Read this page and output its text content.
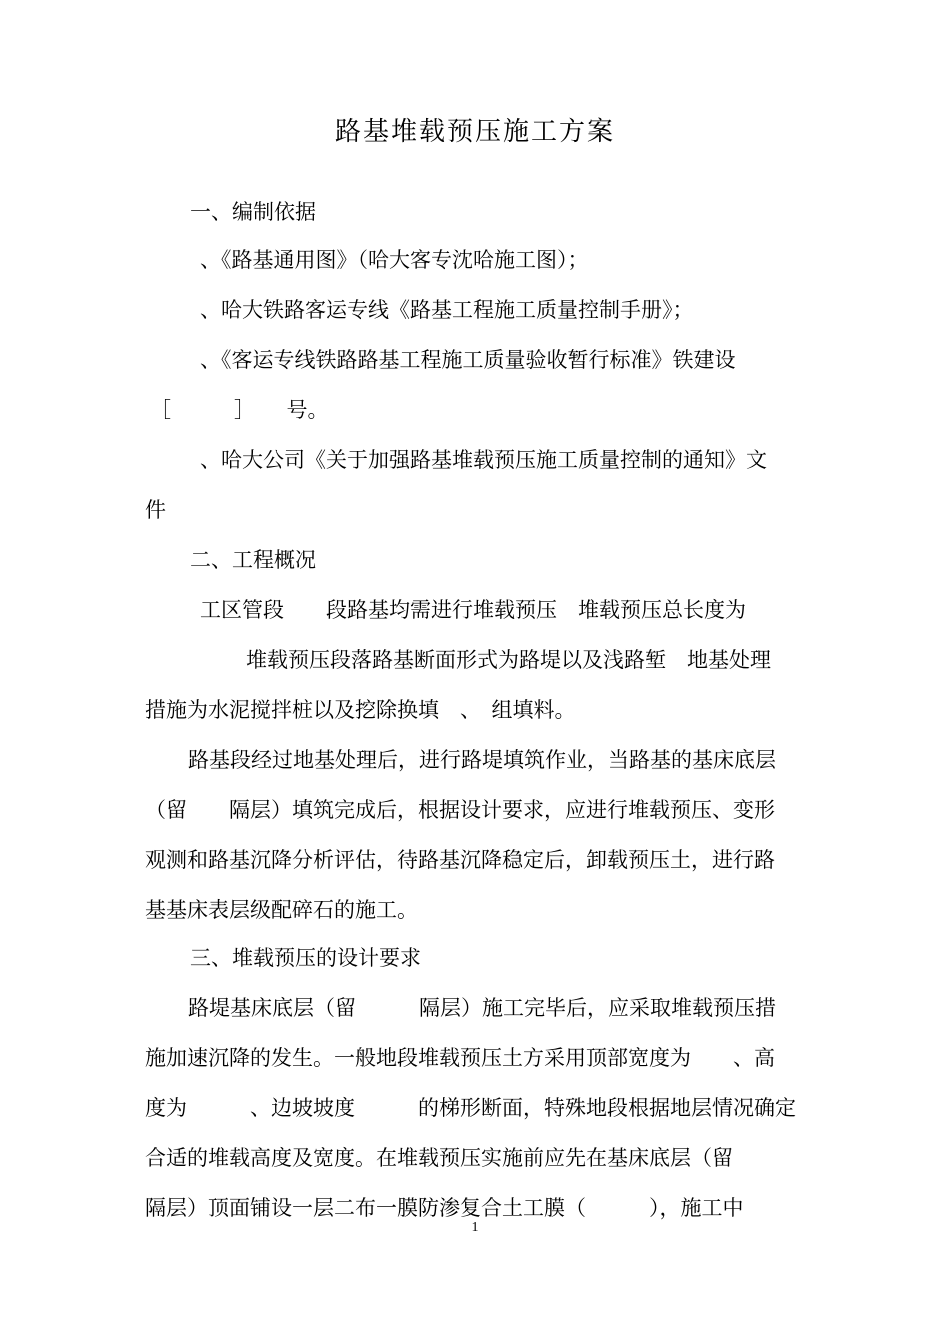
路基堆载预压施工方案
一、编制依据
、《路基通用图》（哈大客专沈哈施工图）；
、哈大铁路客运专线《路基工程施工质量控制手册》；
、《客运专线铁路路基工程施工质量验收暂行标准》铁建设
［　　　］　　号。
、哈大公司《关于加强路基堆载预压施工质量控制的通知》文
件
二、工程概况
工区管段　　段路基均需进行堆载预压　堆载预压总长度为
堆载预压段落路基断面形式为路堤以及浅路堑　地基处理
措施为水泥搅拌桩以及挖除换填　、　组填料。
路基段经过地基处理后，进行路堤填筑作业，当路基的基床底层
（留　　隔层）填筑完成后，根据设计要求，应进行堆载预压、变形
观测和路基沉降分析评估，待路基沉降稳定后，卸载预压土，进行路
基基床表层级配碎石的施工。
三、堆载预压的设计要求
路堤基床底层（留　　　隔层）施工完毕后，应采取堆载预压措
施加速沉降的发生。一般地段堆载预压土方采用顶部宽度为　　、高
度为　　　、边坡坡度　　　的梯形断面，特殊地段根据地层情况确定
合适的堆载高度及宽度。在堆载预压实施前应先在基床底层（留
隔层）顶面铺设一层二布一膜防渗复合土工膜（　　　），施工中
1
